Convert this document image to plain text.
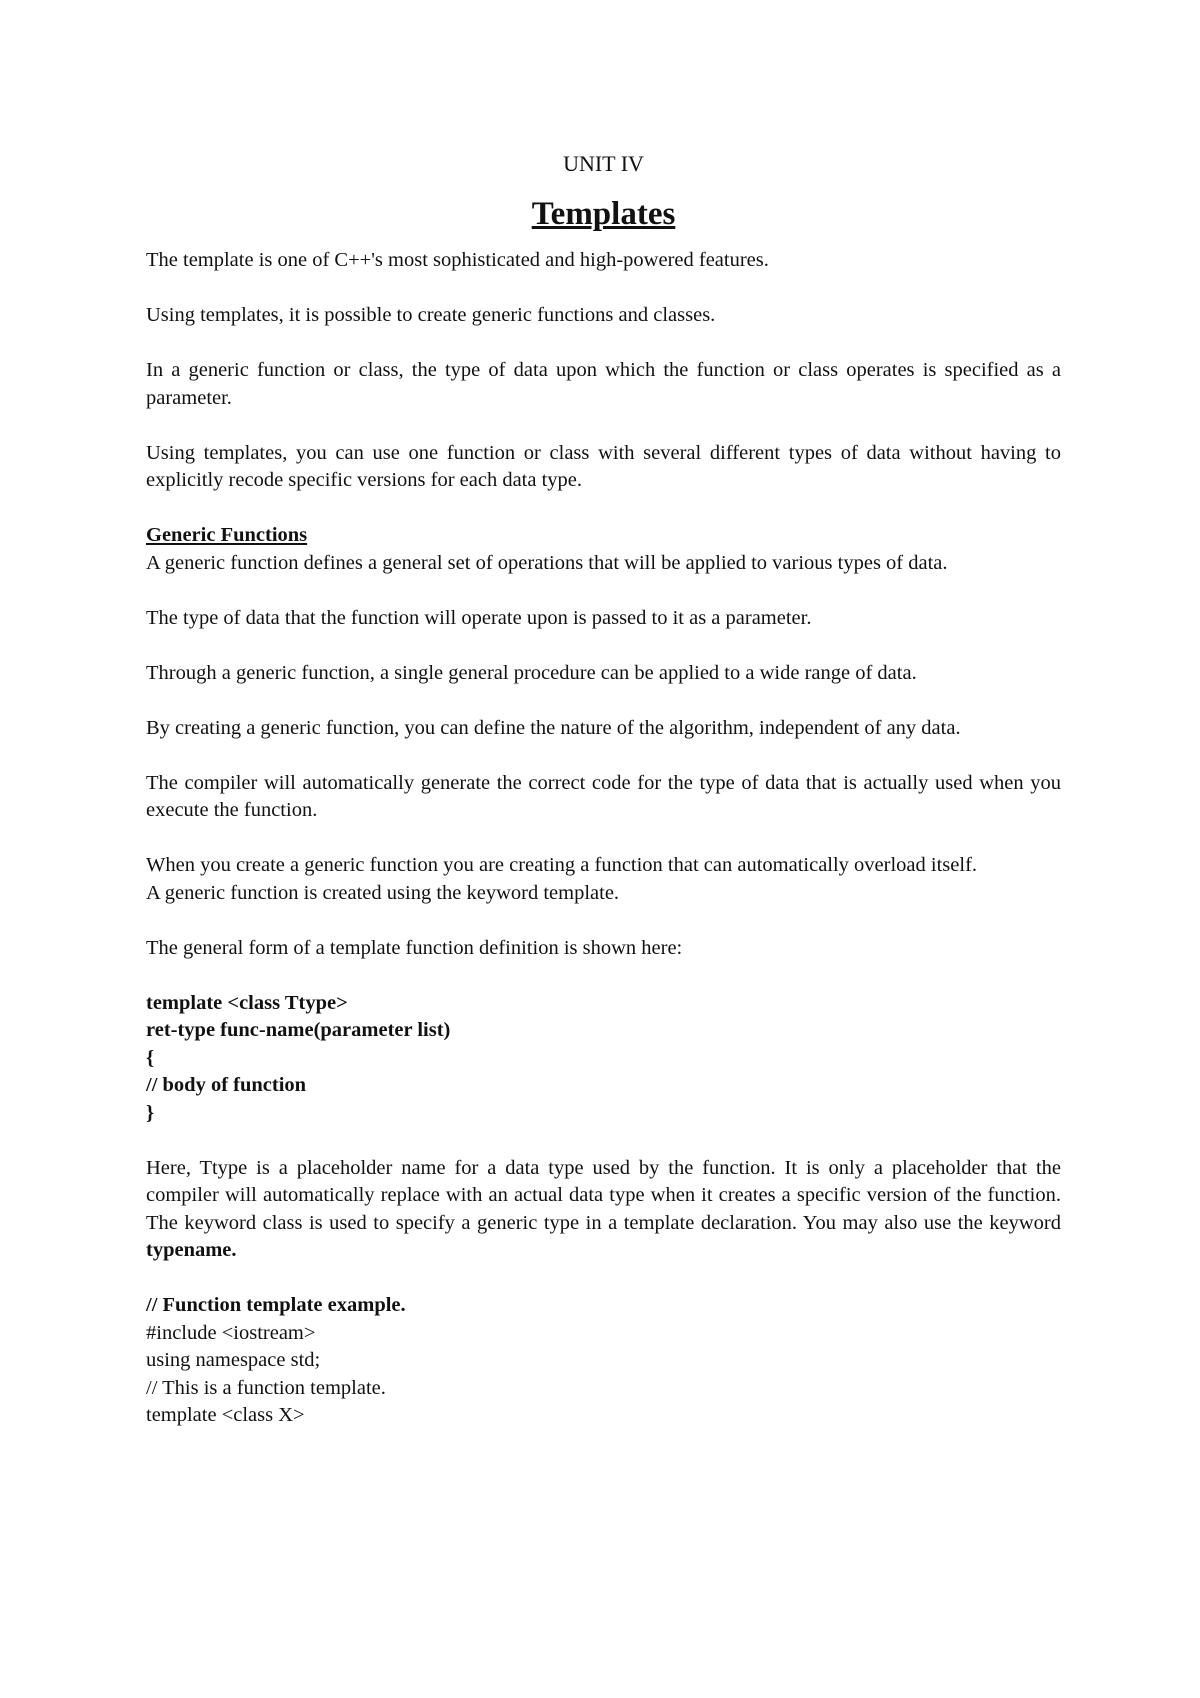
UNIT IV
Templates

The template is one of C++'s most sophisticated and high-powered features.

Using templates, it is possible to create generic functions and classes.

In a generic function or class, the type of data upon which the function or class operates is specified as a parameter.

Using templates, you can use one function or class with several different types of data without having to explicitly recode specific versions for each data type.

Generic Functions

A generic function defines a general set of operations that will be applied to various types of data.

The type of data that the function will operate upon is passed to it as a parameter.

Through a generic function, a single general procedure can be applied to a wide range of data.

By creating a generic function, you can define the nature of the algorithm, independent of any data.

The compiler will automatically generate the correct code for the type of data that is actually used when you execute the function.

When you create a generic function you are creating a function that can automatically overload itself.

A generic function is created using the keyword template.

The general form of a template function definition is shown here:

template <class Ttype>
ret-type func-name(parameter list)
{
// body of function
}

Here, Ttype is a placeholder name for a data type used by the function. It is only a placeholder that the compiler will automatically replace with an actual data type when it creates a specific version of the function. The keyword class is used to specify a generic type in a template declaration. You may also use the keyword typename.

// Function template example.
#include <iostream>
using namespace std;
// This is a function template.
template <class X>
